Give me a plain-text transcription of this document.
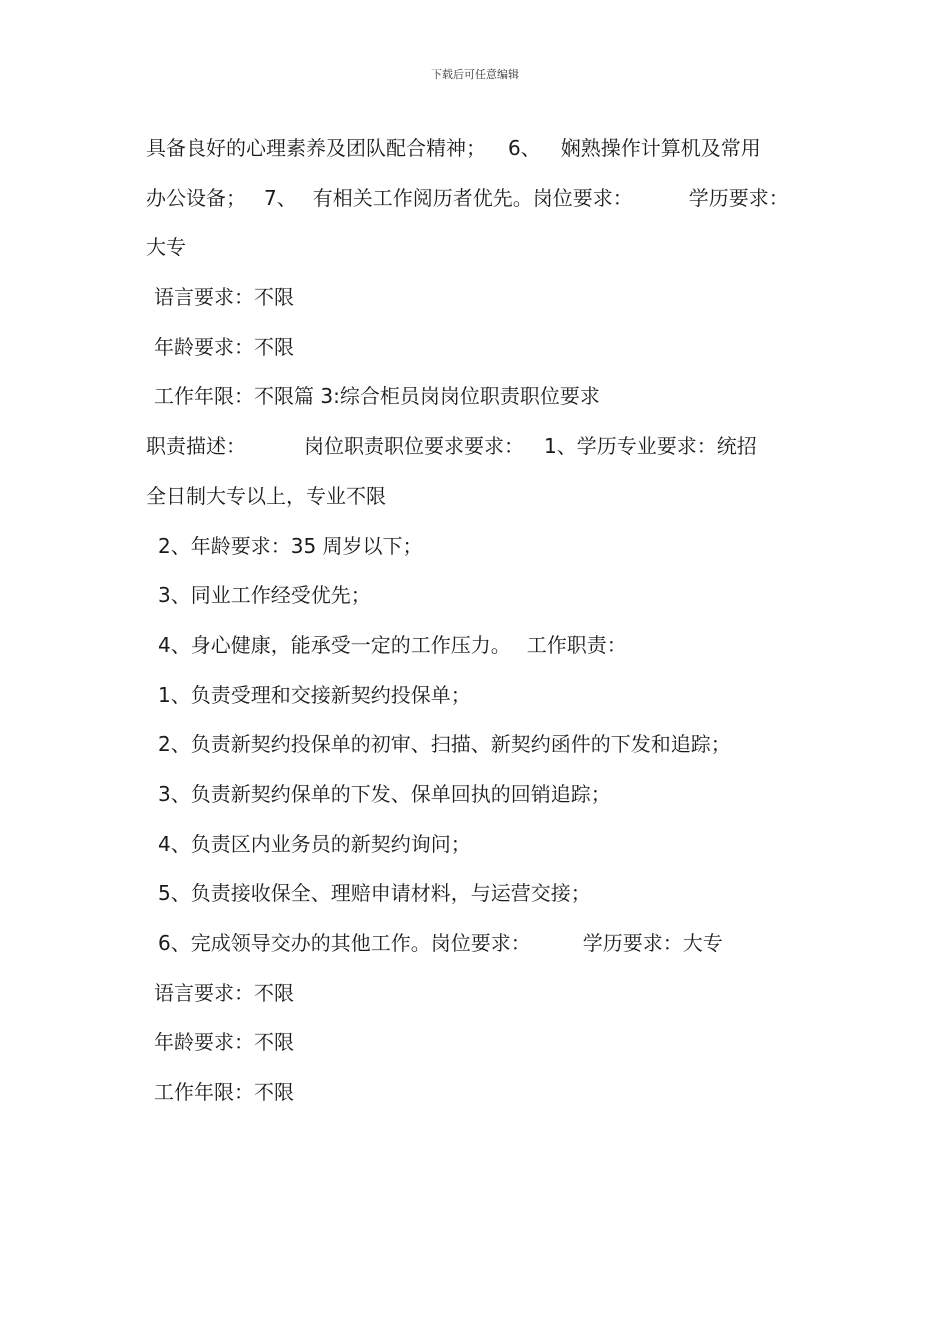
下载后可任意编辑
具备良好的心理素养及团队配合精神； 6、 娴熟操作计算机及常用
办公设备； 7、 有相关工作阅历者优先。岗位要求：	学历要求：
大专
语言要求：不限
年龄要求：不限
工作年限：不限篇 3:综合柜员岗岗位职责职位要求
职责描述：	岗位职责职位要求要求： 1、学历专业要求：统招
全日制大专以上，专业不限
2、年龄要求：35 周岁以下；
3、同业工作经受优先；
4、身心健康，能承受一定的工作压力。 工作职责：
1、负责受理和交接新契约投保单；
2、负责新契约投保单的初审、扫描、新契约函件的下发和追踪；
3、负责新契约保单的下发、保单回执的回销追踪；
4、负责区内业务员的新契约询问；
5、负责接收保全、理赔申请材料，与运营交接；
6、完成领导交办的其他工作。岗位要求：	学历要求：大专
语言要求：不限
年龄要求：不限
工作年限：不限
